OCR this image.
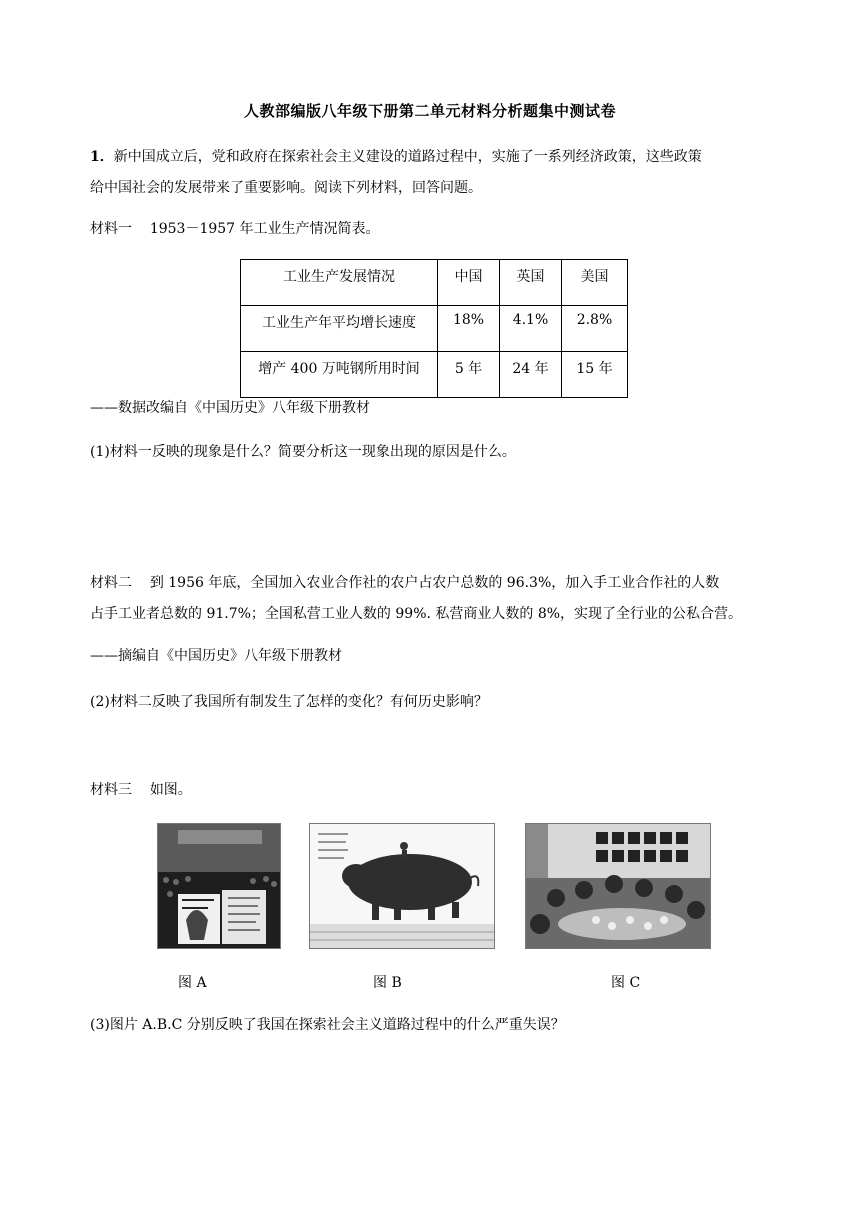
人教部编版八年级下册第二单元材料分析题集中测试卷
1．新中国成立后，党和政府在探索社会主义建设的道路过程中，实施了一系列经济政策，这些政策
给中国社会的发展带来了重要影响。阅读下列材料，回答问题。
材料一 1953－1957 年工业生产情况简表。
工业生产发展情况	中国	英国	美国
工业生产年平均增长速度	18%	4.1%	2.8%
增产 400 万吨钢所用时间	5 年	24 年	15 年
——数据改编自《中国历史》八年级下册教材
(1)材料一反映的现象是什么？简要分析这一现象出现的原因是什么。
材料二 到 1956 年底，全国加入农业合作社的农户占农户总数的 96.3%，加入手工业合作社的人数
占手工业者总数的 91.7%；全国私营工业人数的 99%. 私营商业人数的 8%，实现了全行业的公私合营。
——摘编自《中国历史》八年级下册教材
(2)材料二反映了我国所有制发生了怎样的变化？有何历史影响？
材料三 如图。
图 A	图 B	图 C
(3)图片 A.B.C 分别反映了我国在探索社会主义道路过程中的什么严重失误？
